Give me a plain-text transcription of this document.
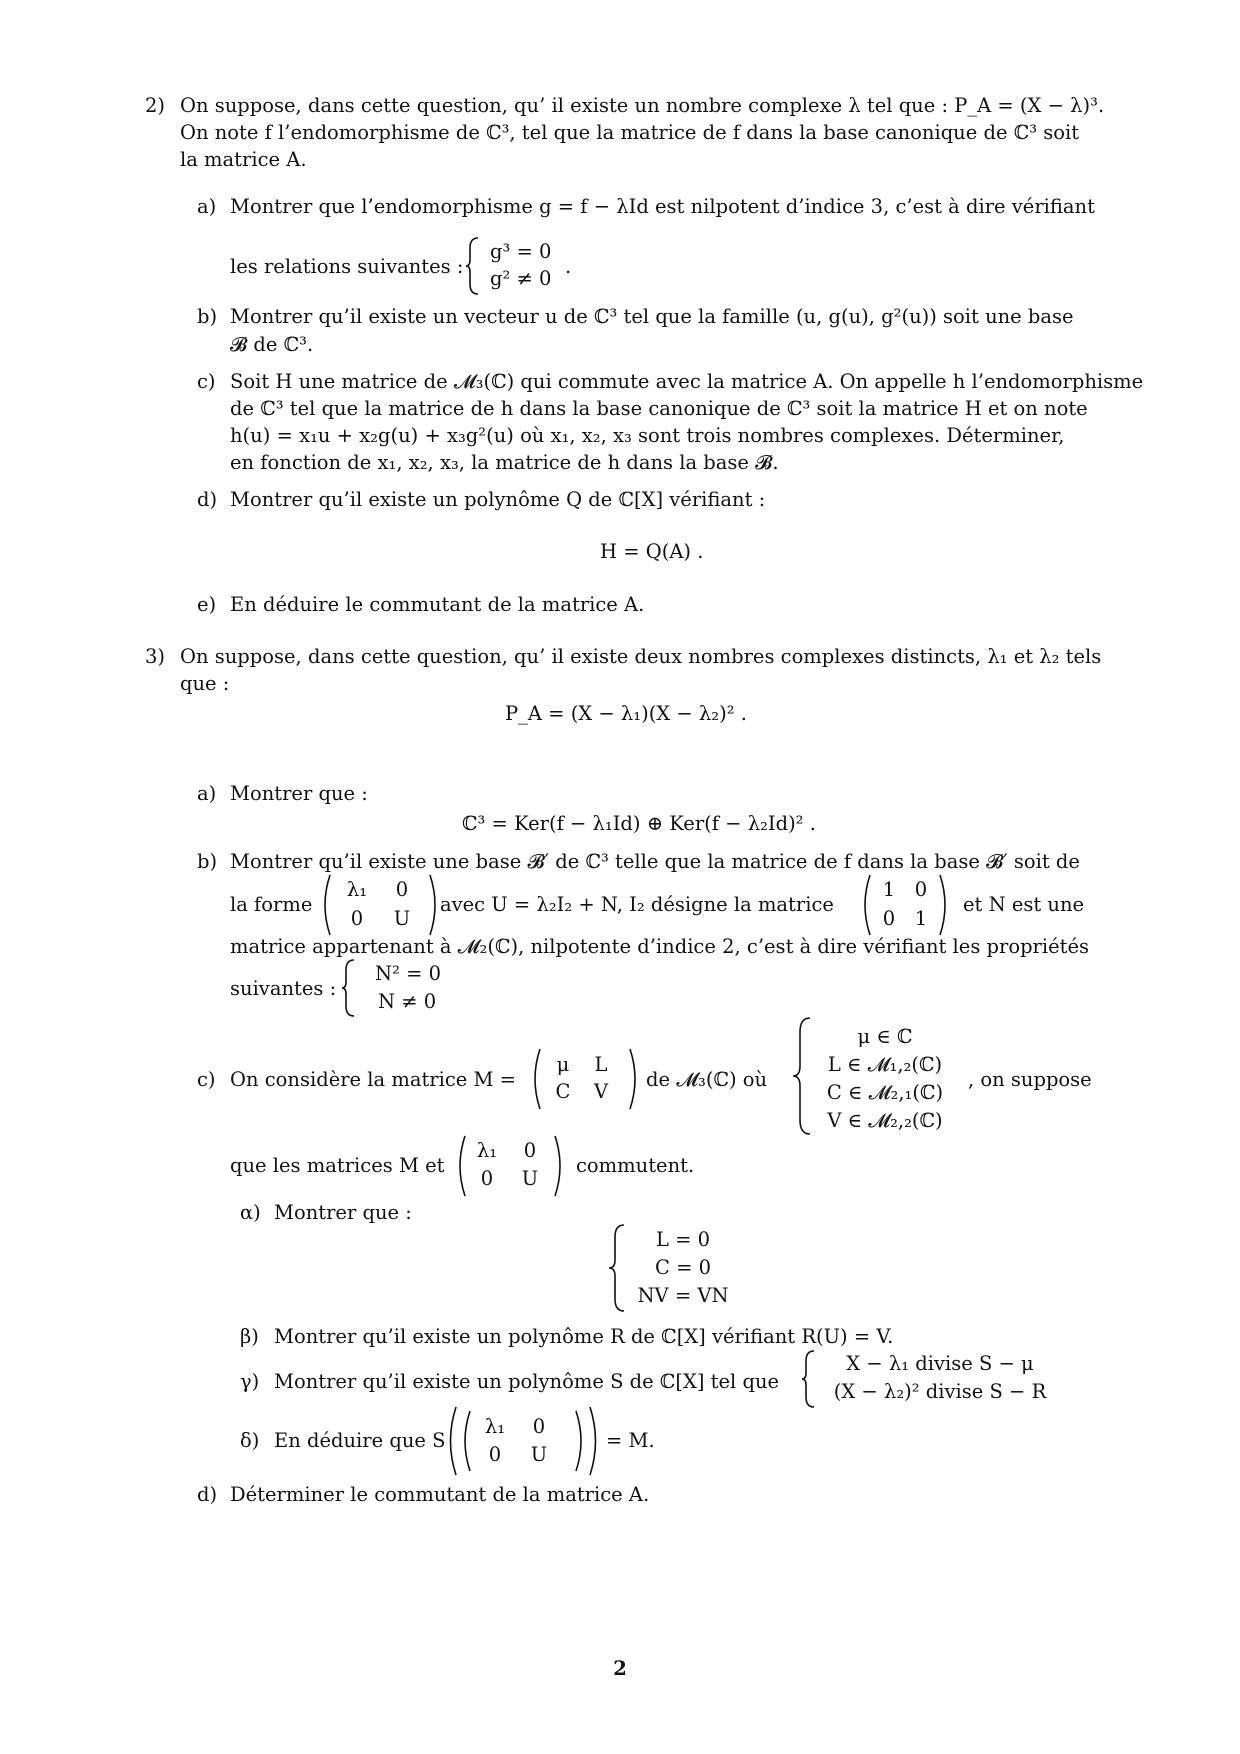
2) On suppose, dans cette question, qu’ il existe un nombre complexe λ tel que : P_A = (X − λ)³.
On note f l’endomorphisme de ℂ³, tel que la matrice de f dans la base canonique de ℂ³ soit
la matrice A.
a) Montrer que l’endomorphisme g = f − λId est nilpotent d’indice 3, c’est à dire vérifiant
les relations suivantes :
g³ = 0
g² ≠ 0
.
b) Montrer qu’il existe un vecteur u de ℂ³ tel que la famille (u, g(u), g²(u)) soit une base
𝓑 de ℂ³.
c) Soit H une matrice de 𝓜₃(ℂ) qui commute avec la matrice A. On appelle h l’endomorphisme
de ℂ³ tel que la matrice de h dans la base canonique de ℂ³ soit la matrice H et on note
h(u) = x₁u + x₂g(u) + x₃g²(u) où x₁, x₂, x₃ sont trois nombres complexes. Déterminer,
en fonction de x₁, x₂, x₃, la matrice de h dans la base 𝓑.
d) Montrer qu’il existe un polynôme Q de ℂ[X] vérifiant :
H = Q(A) .
e) En déduire le commutant de la matrice A.
3) On suppose, dans cette question, qu’ il existe deux nombres complexes distincts, λ₁ et λ₂ tels
que :
P_A = (X − λ₁)(X − λ₂)² .
a) Montrer que :
ℂ³ = Ker(f − λ₁Id) ⊕ Ker(f − λ₂Id)² .
b) Montrer qu’il existe une base 𝓑′ de ℂ³ telle que la matrice de f dans la base 𝓑′ soit de
la forme
λ₁	0
0	U
avec U = λ₂I₂ + N, I₂ désigne la matrice
1	0
0	1
et N est une
matrice appartenant à 𝓜₂(ℂ), nilpotente d’indice 2, c’est à dire vérifiant les propriétés
suivantes :
N² = 0
N ≠ 0
c) On considère la matrice M =
μ	L
C	V
de 𝓜₃(ℂ) où
μ ∈ ℂ
L ∈ 𝓜₁,₂(ℂ)
C ∈ 𝓜₂,₁(ℂ)
V ∈ 𝓜₂,₂(ℂ)
, on suppose
que les matrices M et
λ₁	0
0	U
commutent.
α) Montrer que :
L = 0
C = 0
NV = VN
β) Montrer qu’il existe un polynôme R de ℂ[X] vérifiant R(U) = V.
γ) Montrer qu’il existe un polynôme S de ℂ[X] tel que
X − λ₁ divise S − μ
(X − λ₂)² divise S − R
δ) En déduire que S
λ₁	0
0	U
= M.
d) Déterminer le commutant de la matrice A.
2
